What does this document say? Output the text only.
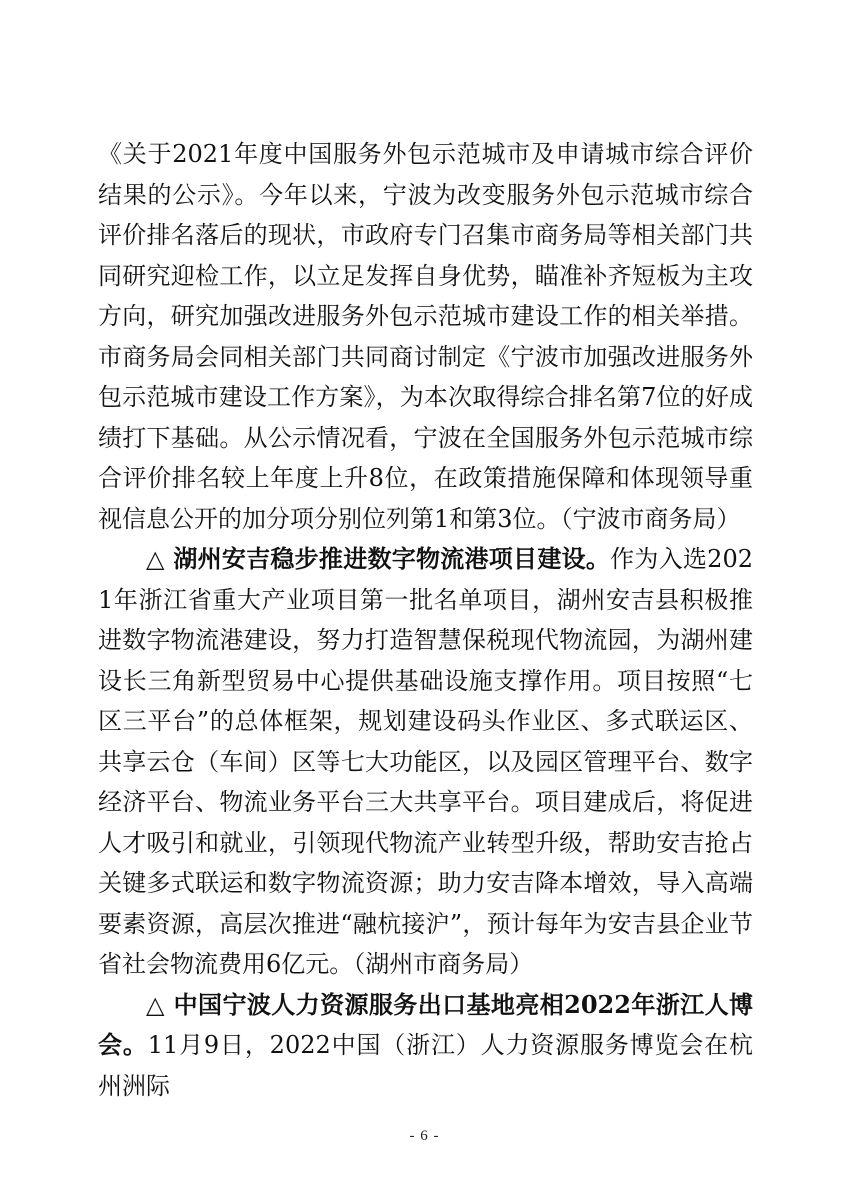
《关于2021年度中国服务外包示范城市及申请城市综合评价结果的公示》。今年以来，宁波为改变服务外包示范城市综合评价排名落后的现状，市政府专门召集市商务局等相关部门共同研究迎检工作，以立足发挥自身优势，瞄准补齐短板为主攻方向，研究加强改进服务外包示范城市建设工作的相关举措。市商务局会同相关部门共同商讨制定《宁波市加强改进服务外包示范城市建设工作方案》，为本次取得综合排名第7位的好成绩打下基础。从公示情况看，宁波在全国服务外包示范城市综合评价排名较上年度上升8位，在政策措施保障和体现领导重视信息公开的加分项分别位列第1和第3位。（宁波市商务局）

△ 湖州安吉稳步推进数字物流港项目建设。作为入选2021年浙江省重大产业项目第一批名单项目，湖州安吉县积极推进数字物流港建设，努力打造智慧保税现代物流园，为湖州建设长三角新型贸易中心提供基础设施支撑作用。项目按照“七区三平台”的总体框架，规划建设码头作业区、多式联运区、共享云仓（车间）区等七大功能区，以及园区管理平台、数字经济平台、物流业务平台三大共享平台。项目建成后，将促进人才吸引和就业，引领现代物流产业转型升级，帮助安吉抢占关键多式联运和数字物流资源；助力安吉降本增效，导入高端要素资源，高层次推进“融杭接沪”，预计每年为安吉县企业节省社会物流费用6亿元。（湖州市商务局）

△ 中国宁波人力资源服务出口基地亮相2022年浙江人博会。11月9日，2022中国（浙江）人力资源服务博览会在杭州洲际

- 6 -
